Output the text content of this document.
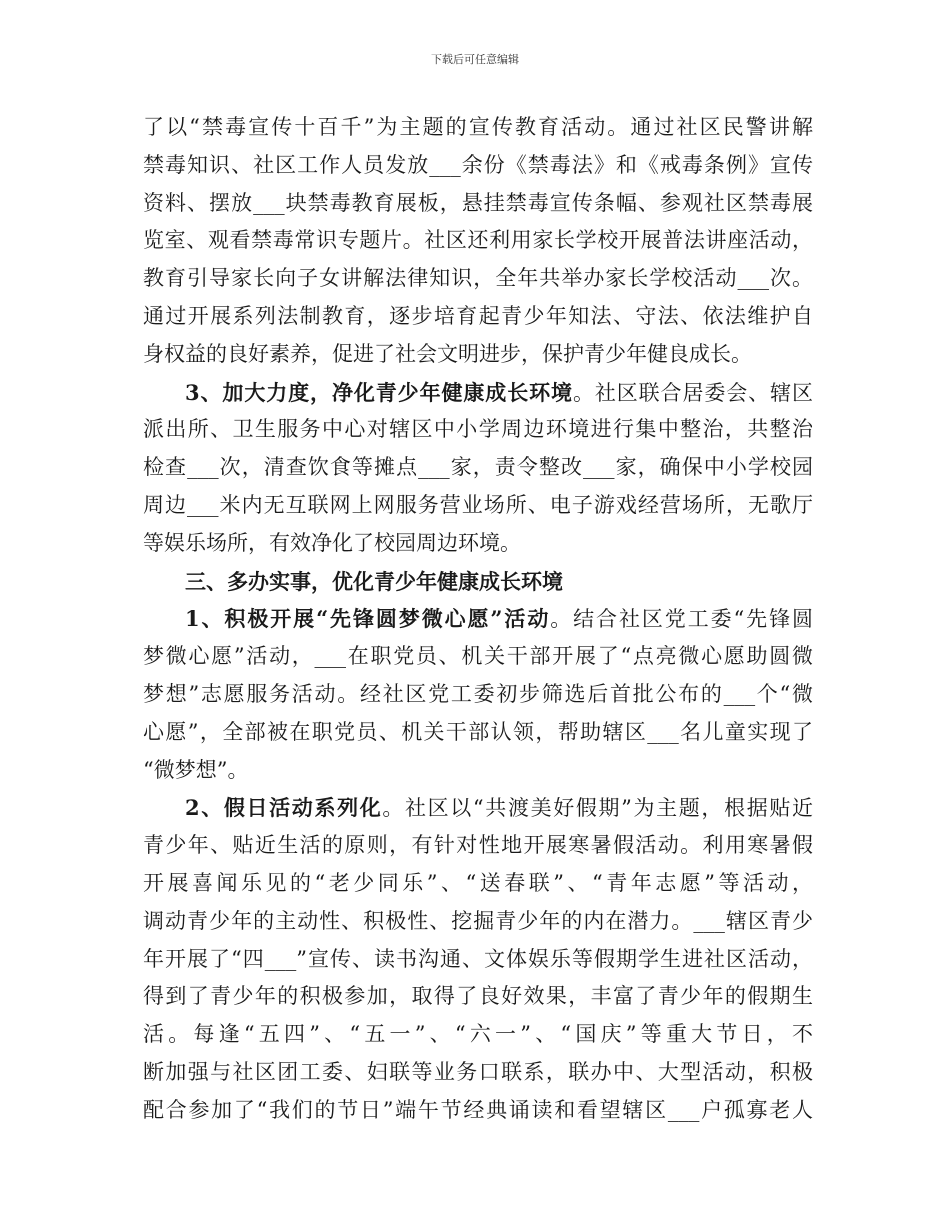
下载后可任意编辑
了以“禁毒宣传十百千”为主题的宣传教育活动。通过社区民警讲解
禁毒知识、社区工作人员发放___余份《禁毒法》和《戒毒条例》宣传
资料、摆放___块禁毒教育展板，悬挂禁毒宣传条幅、参观社区禁毒展
览室、观看禁毒常识专题片。社区还利用家长学校开展普法讲座活动，
教育引导家长向子女讲解法律知识，全年共举办家长学校活动___次。
通过开展系列法制教育，逐步培育起青少年知法、守法、依法维护自
身权益的良好素养，促进了社会文明进步，保护青少年健良成长。
3、加大力度，净化青少年健康成长环境。社区联合居委会、辖区
派出所、卫生服务中心对辖区中小学周边环境进行集中整治，共整治
检查___次，清查饮食等摊点___家，责令整改___家，确保中小学校园
周边___米内无互联网上网服务营业场所、电子游戏经营场所，无歌厅
等娱乐场所，有效净化了校园周边环境。
三、多办实事，优化青少年健康成长环境
1、积极开展“先锋圆梦微心愿”活动。结合社区党工委“先锋圆
梦微心愿”活动，___在职党员、机关干部开展了“点亮微心愿助圆微
梦想”志愿服务活动。经社区党工委初步筛选后首批公布的___个“微
心愿”，全部被在职党员、机关干部认领，帮助辖区___名儿童实现了
“微梦想”。
2、假日活动系列化。社区以“共渡美好假期”为主题，根据贴近
青少年、贴近生活的原则，有针对性地开展寒暑假活动。利用寒暑假
开展喜闻乐见的“老少同乐”、“送春联”、“青年志愿”等活动，
调动青少年的主动性、积极性、挖掘青少年的内在潜力。___辖区青少
年开展了“四___”宣传、读书沟通、文体娱乐等假期学生进社区活动，
得到了青少年的积极参加，取得了良好效果，丰富了青少年的假期生
活。每逢“五四”、“五一”、“六一”、“国庆”等重大节日，不
断加强与社区团工委、妇联等业务口联系，联办中、大型活动，积极
配合参加了“我们的节日”端午节经典诵读和看望辖区___户孤寡老人
